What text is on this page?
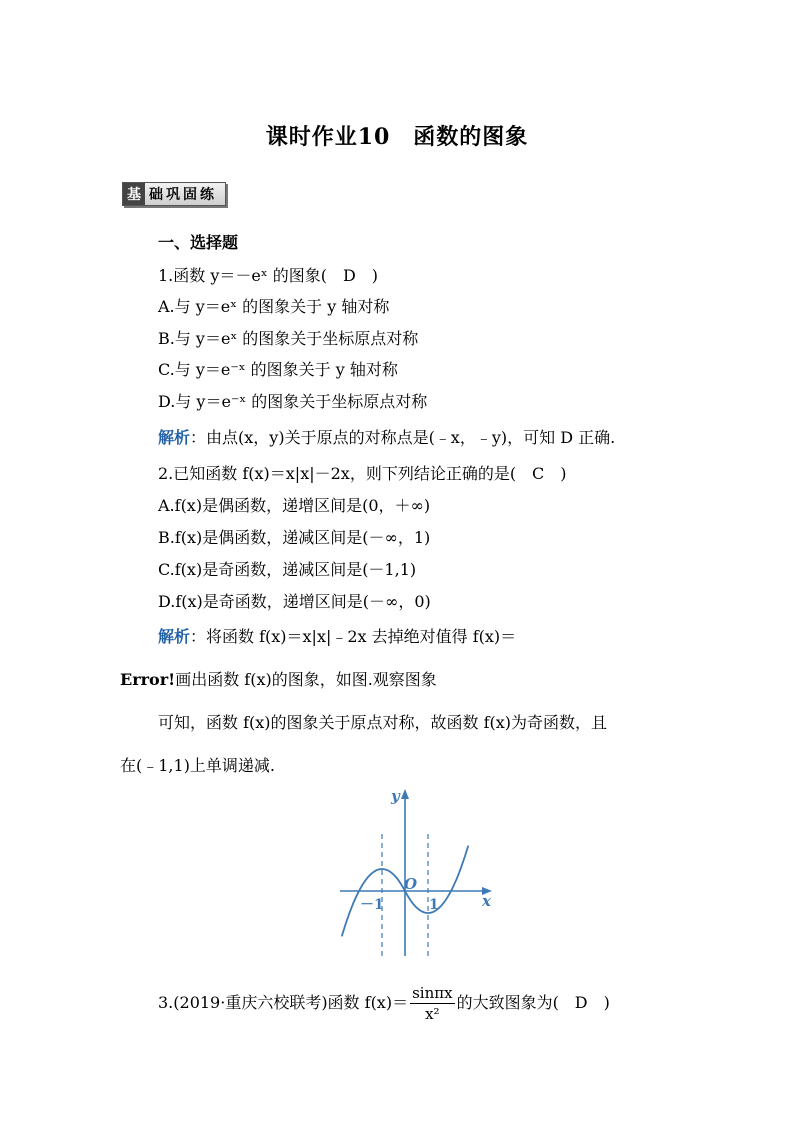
课时作业10　函数的图象
基 础巩固练
一、选择题
1.函数 y＝－eˣ 的图象(　D　)
A.与 y＝eˣ 的图象关于 y 轴对称
B.与 y＝eˣ 的图象关于坐标原点对称
C.与 y＝e⁻ˣ 的图象关于 y 轴对称
D.与 y＝e⁻ˣ 的图象关于坐标原点对称
解析：由点(x，y)关于原点的对称点是(﹣x，﹣y)，可知 D 正确.
2.已知函数 f(x)＝x|x|－2x，则下列结论正确的是(　C　)
A.f(x)是偶函数，递增区间是(0，＋∞)
B.f(x)是偶函数，递减区间是(－∞，1)
C.f(x)是奇函数，递减区间是(－1,1)
D.f(x)是奇函数，递增区间是(－∞，0)
解析：将函数 f(x)＝x|x|﹣2x 去掉绝对值得 f(x)＝
Error!画出函数 f(x)的图象，如图.观察图象
可知，函数 f(x)的图象关于原点对称，故函数 f(x)为奇函数，且
在(﹣1,1)上单调递减.
y
x
O
－1	1
3.(2019·重庆六校联考)函数 $f(x)= \frac{\sin\pi x}{\text{x²}}$ 的大致图象为(　D　)
